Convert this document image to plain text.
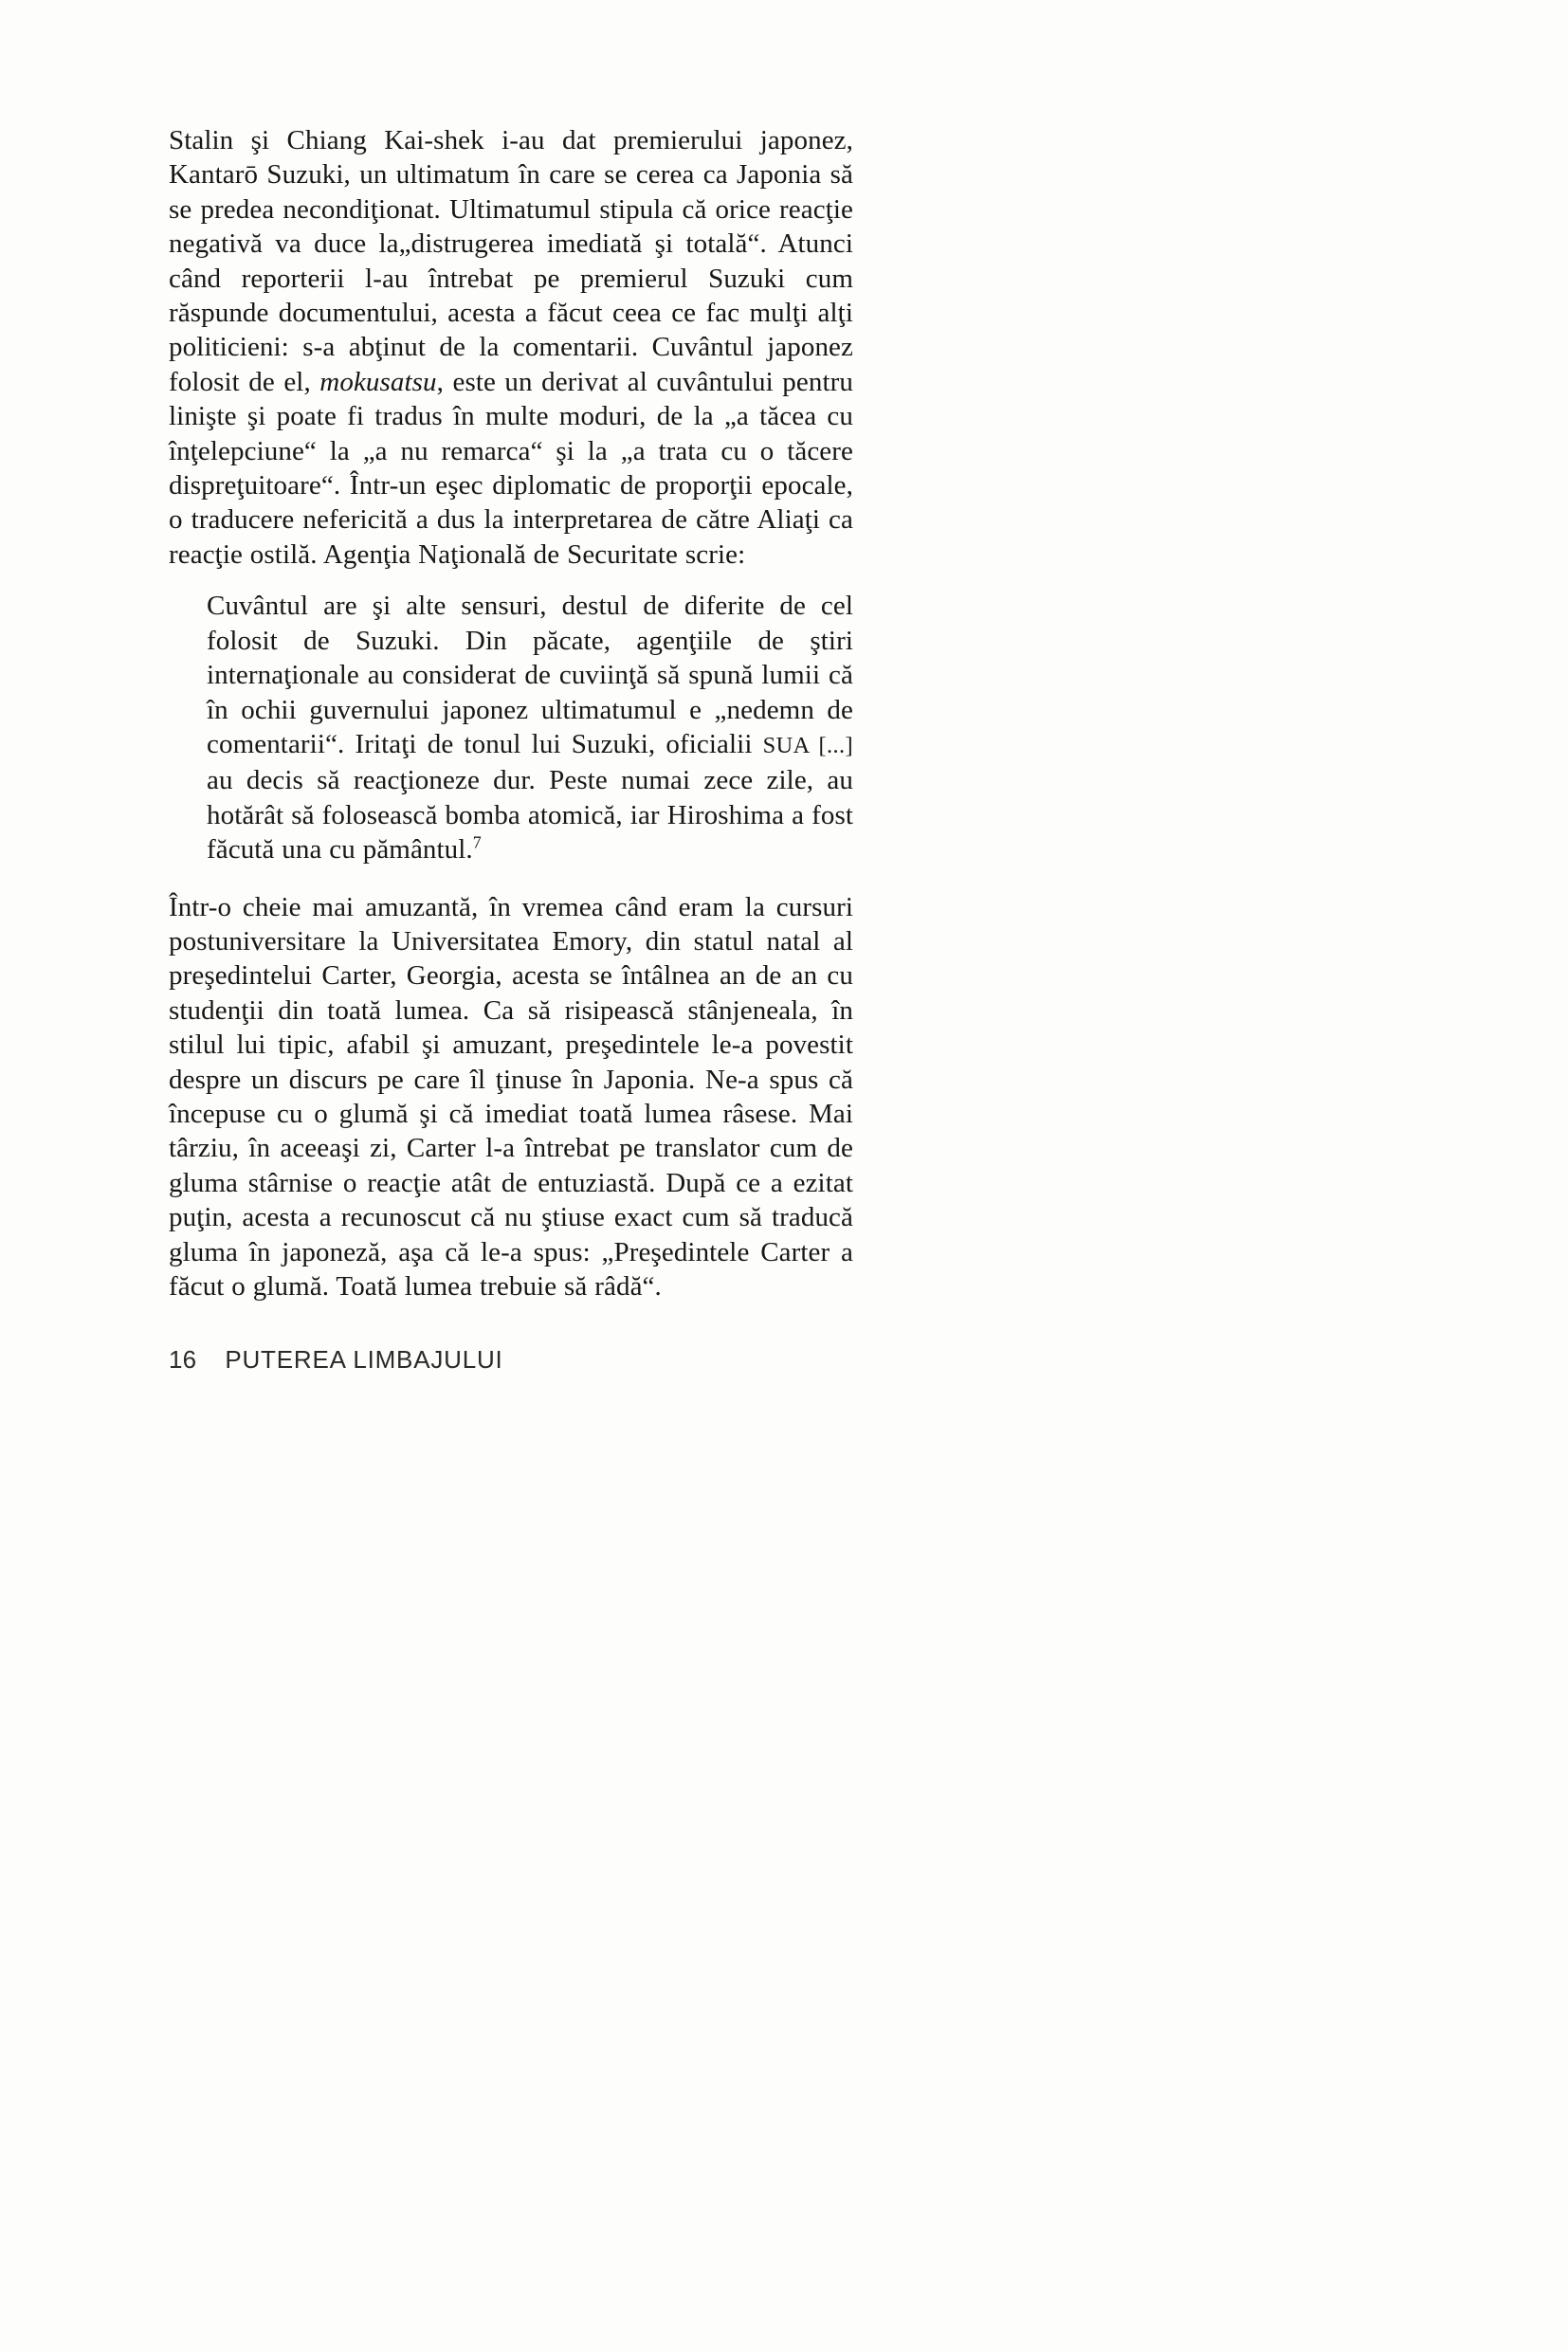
Stalin şi Chiang Kai-shek i-au dat premierului japonez, Kantarō Suzuki, un ultimatum în care se cerea ca Japonia să se predea necondiţionat. Ultimatumul stipula că orice reacţie negativă va duce la„distrugerea imediată şi totală“. Atunci când reporterii l-au întrebat pe premierul Suzuki cum răspunde documentului, acesta a făcut ceea ce fac mulţi alţi politicieni: s-a abţinut de la comentarii. Cuvântul japonez folosit de el, mokusatsu, este un derivat al cuvântului pentru linişte şi poate fi tradus în multe moduri, de la „a tăcea cu înţelepciune“ la „a nu remarca“ şi la „a trata cu o tăcere dispreţuitoare“. Într-un eşec diplomatic de proporţii epocale, o traducere nefericită a dus la interpretarea de către Aliaţi ca reacţie ostilă. Agenţia Naţională de Securitate scrie:

Cuvântul are şi alte sensuri, destul de diferite de cel folosit de Suzuki. Din păcate, agenţiile de ştiri internaţionale au considerat de cuviinţă să spună lumii că în ochii guvernului japonez ultimatumul e „nedemn de comentarii“. Iritaţi de tonul lui Suzuki, oficialii SUA [...] au decis să reacţioneze dur. Peste numai zece zile, au hotărât să folosească bomba atomică, iar Hiroshima a fost făcută una cu pământul.$^7$

Într-o cheie mai amuzantă, în vremea când eram la cursuri postuniversitare la Universitatea Emory, din statul natal al preşedintelui Carter, Georgia, acesta se întâlnea an de an cu studenţii din toată lumea. Ca să risipească stânjeneala, în stilul lui tipic, afabil şi amuzant, preşedintele le-a povestit despre un discurs pe care îl ţinuse în Japonia. Ne-a spus că începuse cu o glumă şi că imediat toată lumea râsese. Mai târziu, în aceeaşi zi, Carter l-a întrebat pe translator cum de gluma stârnise o reacţie atât de entuziastă. După ce a ezitat puţin, acesta a recunoscut că nu ştiuse exact cum să traducă gluma în japoneză, aşa că le-a spus: „Preşedintele Carter a făcut o glumă. Toată lumea trebuie să râdă“.

16 PUTEREA LIMBAJULUI
